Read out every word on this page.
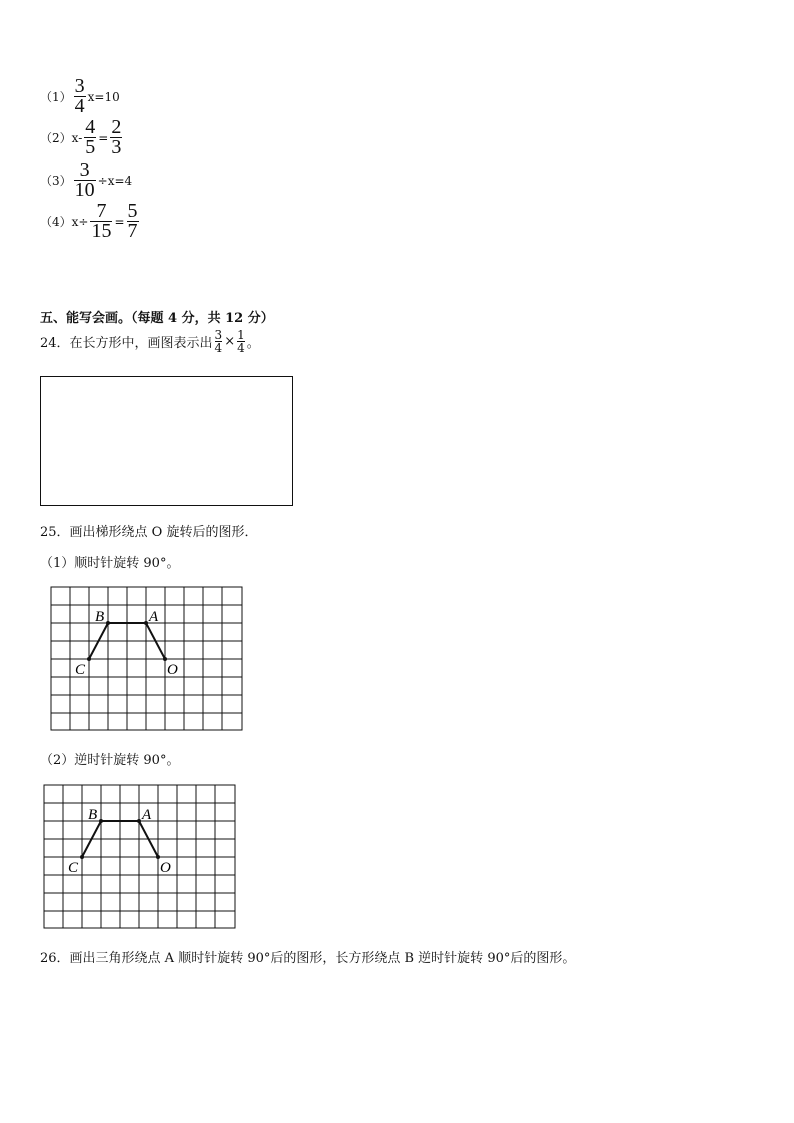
$(1) \frac{3}{4} x=10$
（2） $x- \frac{4}{5} = \frac{2}{3}$
$(3) \frac{3}{10} \div x=4$
（4） $x\div \frac{7}{15} = \frac{5}{7}$
五、能写会画。（每题 4 分，共 12 分）
24．在长方形中，画图表示出
3
4 × 1
4 。
25．画出梯形绕点 O 旋转后的图形．
（1）顺时针旋转 90°。
B	A
C	O
（2）逆时针旋转 90°。
B	A
C	O
26．画出三角形绕点 A 顺时针旋转 90°后的图形，长方形绕点 B 逆时针旋转 90°后的图形。
